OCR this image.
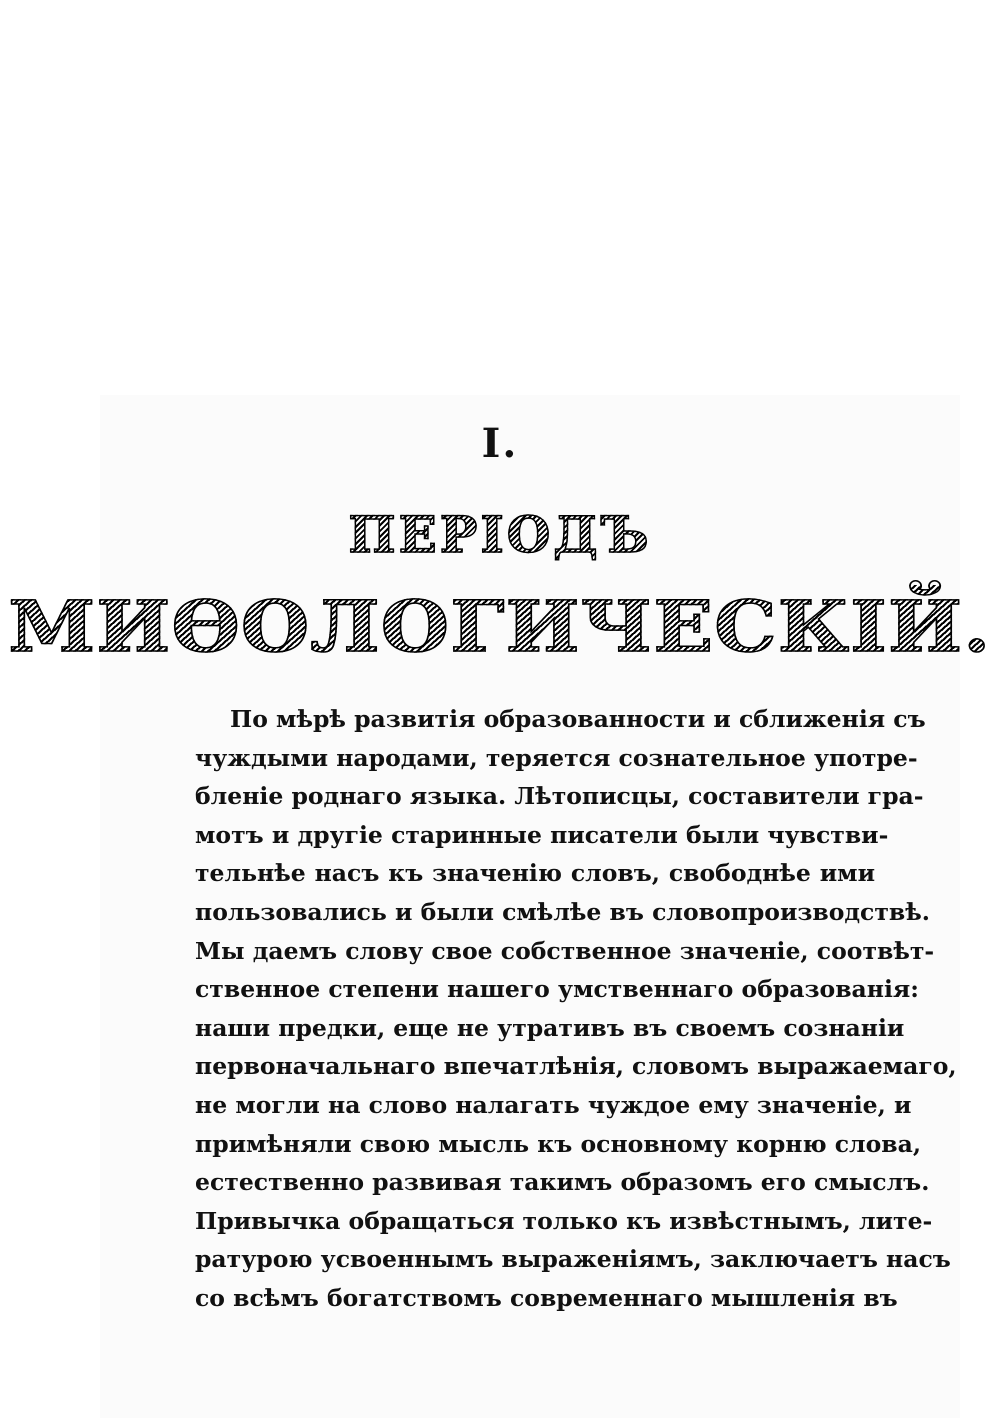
I.
ПЕРІОДЪ
МИѲОЛОГИЧЕСКІЙ.
По мѣрѣ развитія образованности и сближенія съ
чуждыми народами, теряется сознательное употре-
бленіе роднаго языка. Лѣтописцы, составители гра-
мотъ и другіе старинные писатели были чувстви-
тельнѣе насъ къ значенію словъ, свободнѣе ими
пользовались и были смѣлѣе въ словопроизводствѣ.
Мы даемъ слову свое собственное значеніе, соотвѣт-
ственное степени нашего умственнаго образованія:
наши предки, еще не утративъ въ своемъ сознаніи
первоначальнаго впечатлѣнія, словомъ выражаемаго,
не могли на слово налагать чуждое ему значеніе, и
примѣняли свою мысль къ основному корню слова,
естественно развивая такимъ образомъ его смыслъ.
Привычка обращаться только къ извѣстнымъ, лите-
ратурою усвоеннымъ выраженіямъ, заключаетъ насъ
со всѣмъ богатствомъ современнаго мышленія въ
